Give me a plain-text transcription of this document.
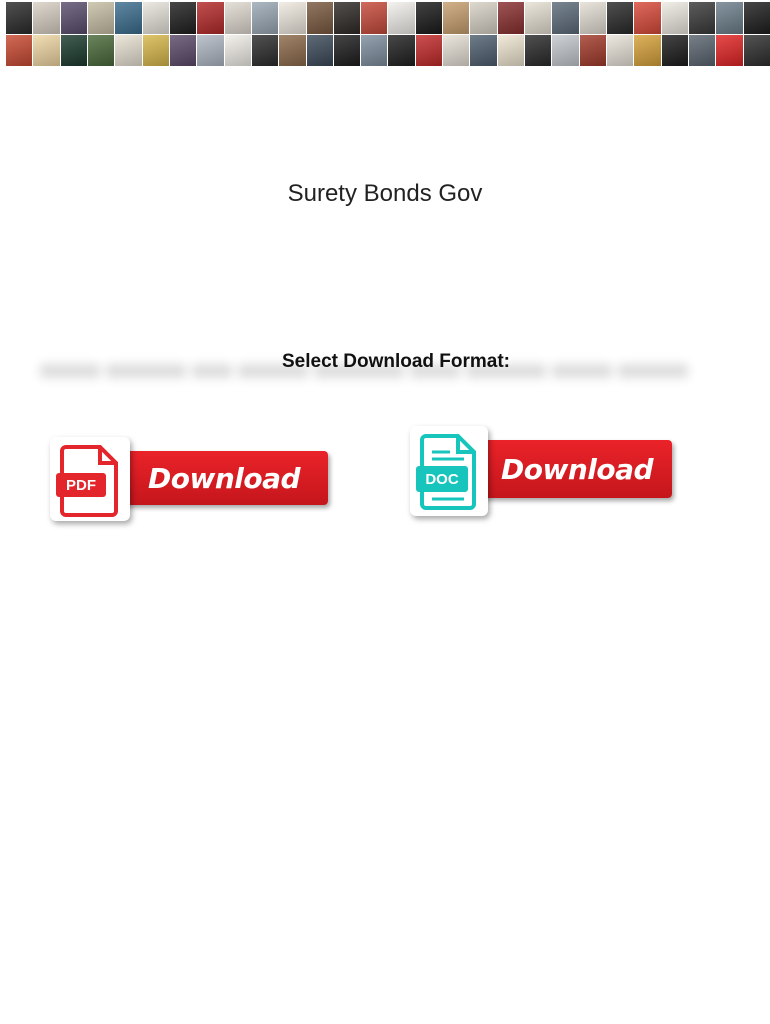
Surety Bonds Gov
Select Download Format:
Download
PDF	Download
DOC
